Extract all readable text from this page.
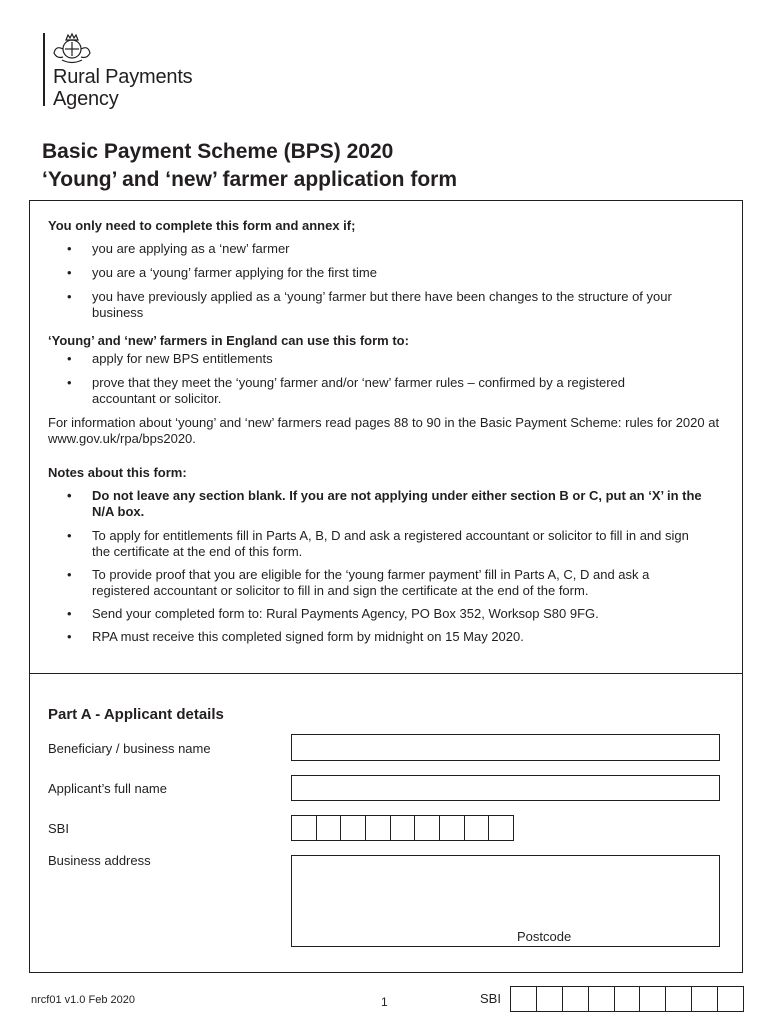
Rural Payments
Agency
Basic Payment Scheme (BPS) 2020
‘Young’ and ‘new’ farmer application form
You only need to complete this form and annex if;
• you are applying as a ‘new’ farmer
• you are a ‘young’ farmer applying for the first time
• you have previously applied as a ‘young’ farmer but there have been changes to the structure of your business
‘Young’ and ‘new’ farmers in England can use this form to:
• apply for new BPS entitlements
• prove that they meet the ‘young’ farmer and/or ‘new’ farmer rules – confirmed by a registered accountant or solicitor.
For information about ‘young’ and ‘new’ farmers read pages 88 to 90 in the Basic Payment Scheme: rules for 2020 at www.gov.uk/rpa/bps2020.
Notes about this form:
• Do not leave any section blank. If you are not applying under either section B or C, put an ‘X’ in the N/A box.
• To apply for entitlements fill in Parts A, B, D and ask a registered accountant or solicitor to fill in and sign the certificate at the end of this form.
• To provide proof that you are eligible for the ‘young farmer payment’ fill in Parts A, C, D and ask a registered accountant or solicitor to fill in and sign the certificate at the end of the form.
• Send your completed form to: Rural Payments Agency, PO Box 352, Worksop S80 9FG.
• RPA must receive this completed signed form by midnight on 15 May 2020.
Part A - Applicant details
Beneficiary / business name
Applicant’s full name
SBI
Business address
Postcode
nrcf01 v1.0 Feb 2020	1	SBI
